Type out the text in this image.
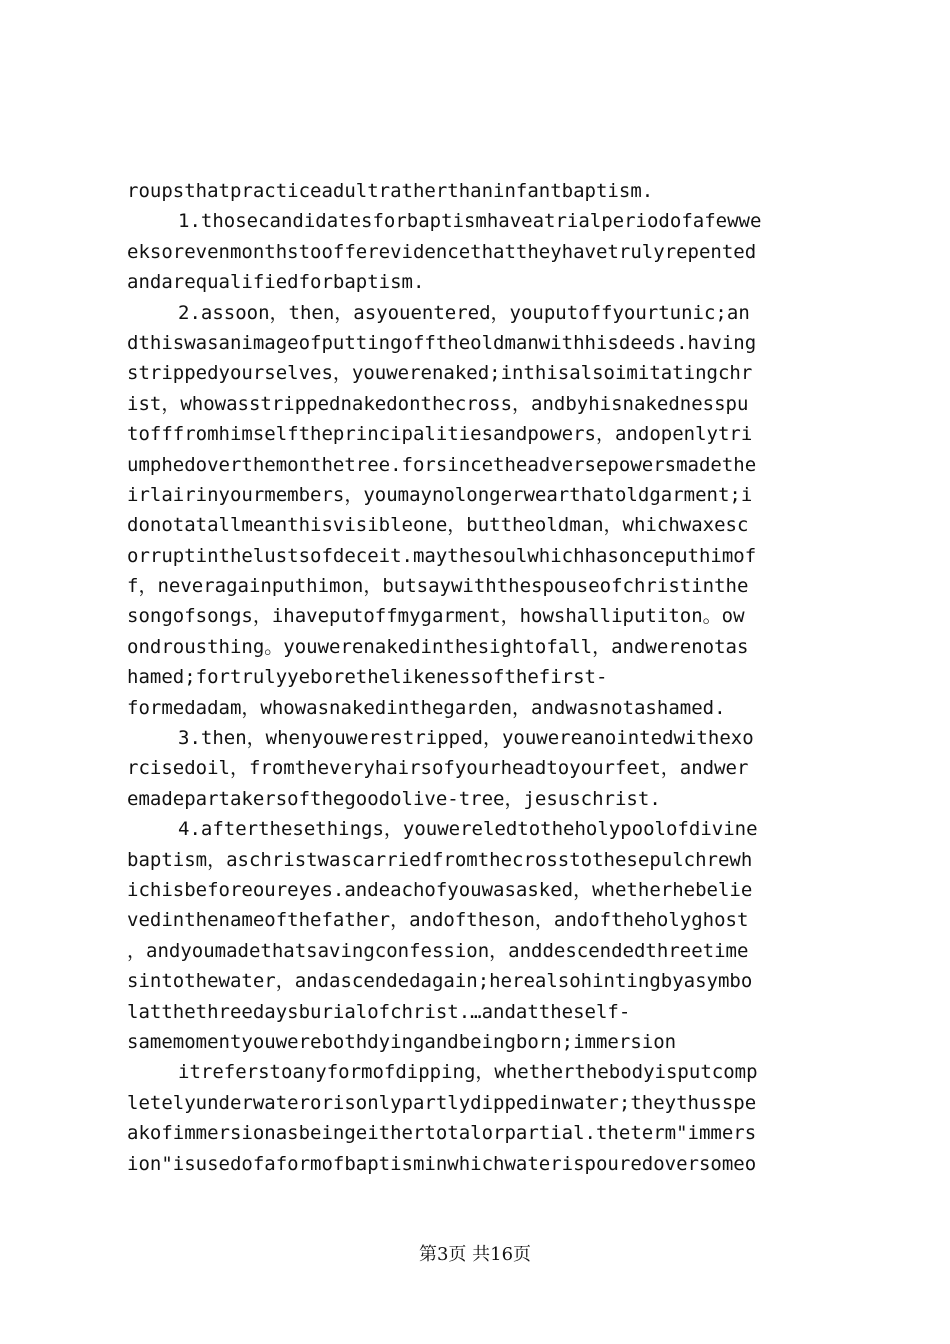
roupsthatpracticeadultratherthaninfantbaptism.
1.thosecandidatesforbaptismhaveatrialperiodofafewwe
eksorevenmonthstoofferevidencethattheyhavetrulyrepented
andarequalifiedforbaptism.
2.assoon，then，asyouentered，youputoffyourtunic;an
dthiswasanimageofputtingofftheoldmanwithhisdeeds.having
strippedyourselves，youwerenaked;inthisalsoimitatingchr
ist，whowasstrippednakedonthecross，andbyhisnakednesspu
tofffromhimselftheprincipalitiesandpowers，andopenlytri
umphedoverthemonthetree.forsincetheadversepowersmadethe
irlairinyourmembers，youmaynolongerwearthatoldgarment;i
donotatallmeanthisvisibleone，buttheoldman，whichwaxesc
orruptinthelustsofdeceit.maythesoulwhichhasonceputhimof
f，neveragainputhimon，butsaywiththespouseofchristinthe
songofsongs，ihaveputoffmygarment，howshalliputiton。ow
ondrousthing。youwerenakedinthesightofall，andwerenotas
hamed;fortrulyyeborethelikenessofthefirst-
formedadam，whowasnakedinthegarden，andwasnotashamed.
3.then，whenyouwerestripped，youwereanointedwithexo
rcisedoil，fromtheveryhairsofyourheadtoyourfeet，andwer
emadepartakersofthegoodolive-tree，jesuschrist.
4.afterthesethings，youwereledtotheholypoolofdivine
baptism，aschristwascarriedfromthecrosstothesepulchrewh
ichisbeforeoureyes.andeachofyouwasasked，whetherhebelie
vedinthenameofthefather，andoftheson，andoftheholyghost
，andyoumadethatsavingconfession，anddescendedthreetime
sintothewater，andascendedagain;herealsohintingbyasymbo
latthethreedaysburialofchrist.…andattheself-
samemomentyouwerebothdyingandbeingborn;immersion
itreferstoanyformofdipping，whetherthebodyisputcomp
letelyunderwaterorisonlypartlydippedinwater;theythusspe
akofimmersionasbeingeithertotalorpartial.theterm"immers
ion"isusedofaformofbaptisminwhichwaterispouredoversomeo
第3页 共16页
